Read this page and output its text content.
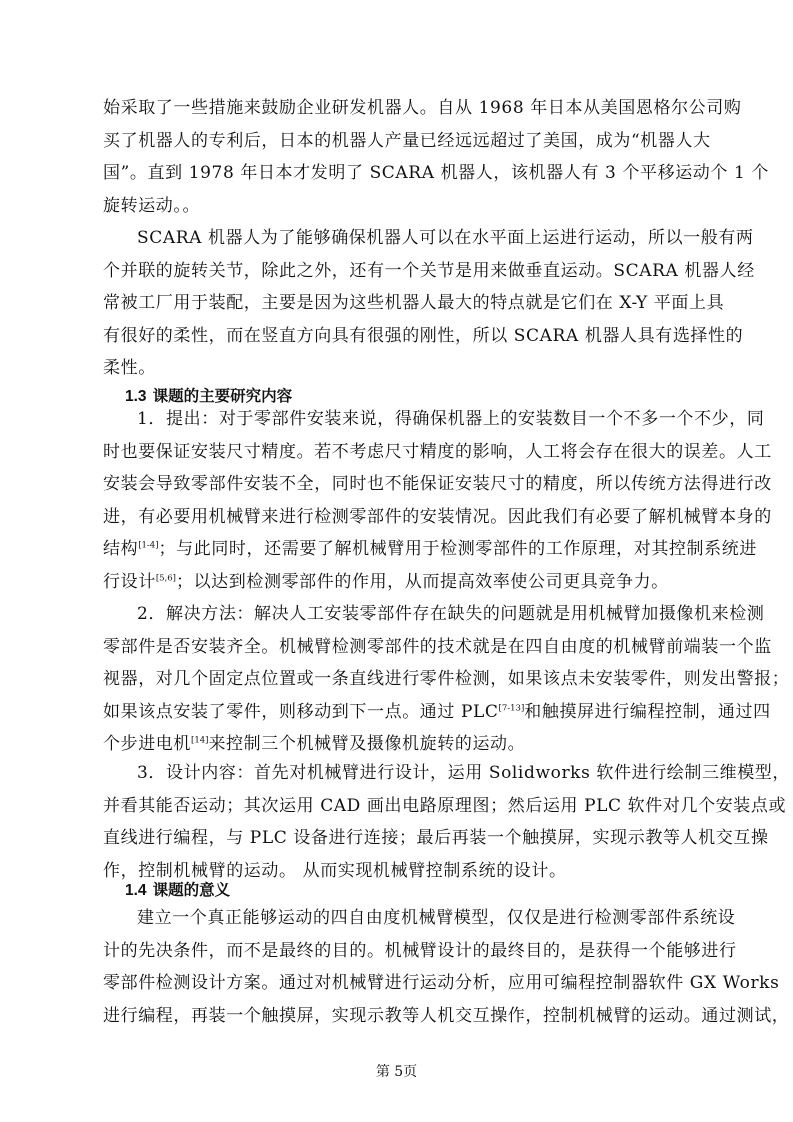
始采取了一些措施来鼓励企业研发机器人。自从 1968 年日本从美国恩格尔公司购
买了机器人的专利后，日本的机器人产量已经远远超过了美国，成为“机器人大
国”。直到 1978 年日本才发明了 SCARA 机器人，该机器人有 3 个平移运动个 1 个
旋转运动。。
SCARA 机器人为了能够确保机器人可以在水平面上运进行运动，所以一般有两
个并联的旋转关节，除此之外，还有一个关节是用来做垂直运动。SCARA 机器人经
常被工厂用于装配，主要是因为这些机器人最大的特点就是它们在 X-Y 平面上具
有很好的柔性，而在竖直方向具有很强的刚性，所以 SCARA 机器人具有选择性的
柔性。
1.3 课题的主要研究内容
1．提出：对于零部件安装来说，得确保机器上的安装数目一个不多一个不少，同
时也要保证安装尺寸精度。若不考虑尺寸精度的影响，人工将会存在很大的误差。人工
安装会导致零部件安装不全，同时也不能保证安装尺寸的精度，所以传统方法得进行改
进，有必要用机械臂来进行检测零部件的安装情况。因此我们有必要了解机械臂本身的
结构[1-4]；与此同时，还需要了解机械臂用于检测零部件的工作原理，对其控制系统进
行设计[5,6]；以达到检测零部件的作用，从而提高效率使公司更具竞争力。
2．解决方法：解决人工安装零部件存在缺失的问题就是用机械臂加摄像机来检测
零部件是否安装齐全。机械臂检测零部件的技术就是在四自由度的机械臂前端装一个监
视器，对几个固定点位置或一条直线进行零件检测，如果该点未安装零件，则发出警报；
如果该点安装了零件，则移动到下一点。通过 PLC[7-13]和触摸屏进行编程控制，通过四
个步进电机[14]来控制三个机械臂及摄像机旋转的运动。
3．设计内容：首先对机械臂进行设计，运用 Solidworks 软件进行绘制三维模型，
并看其能否运动；其次运用 CAD 画出电路原理图；然后运用 PLC 软件对几个安装点或
直线进行编程，与 PLC 设备进行连接；最后再装一个触摸屏，实现示教等人机交互操
作，控制机械臂的运动。 从而实现机械臂控制系统的设计。
1.4 课题的意义
建立一个真正能够运动的四自由度机械臂模型，仅仅是进行检测零部件系统设
计的先决条件，而不是最终的目的。机械臂设计的最终目的，是获得一个能够进行
零部件检测设计方案。通过对机械臂进行运动分析，应用可编程控制器软件 GX Works
进行编程，再装一个触摸屏，实现示教等人机交互操作，控制机械臂的运动。通过测试，
第 5页
